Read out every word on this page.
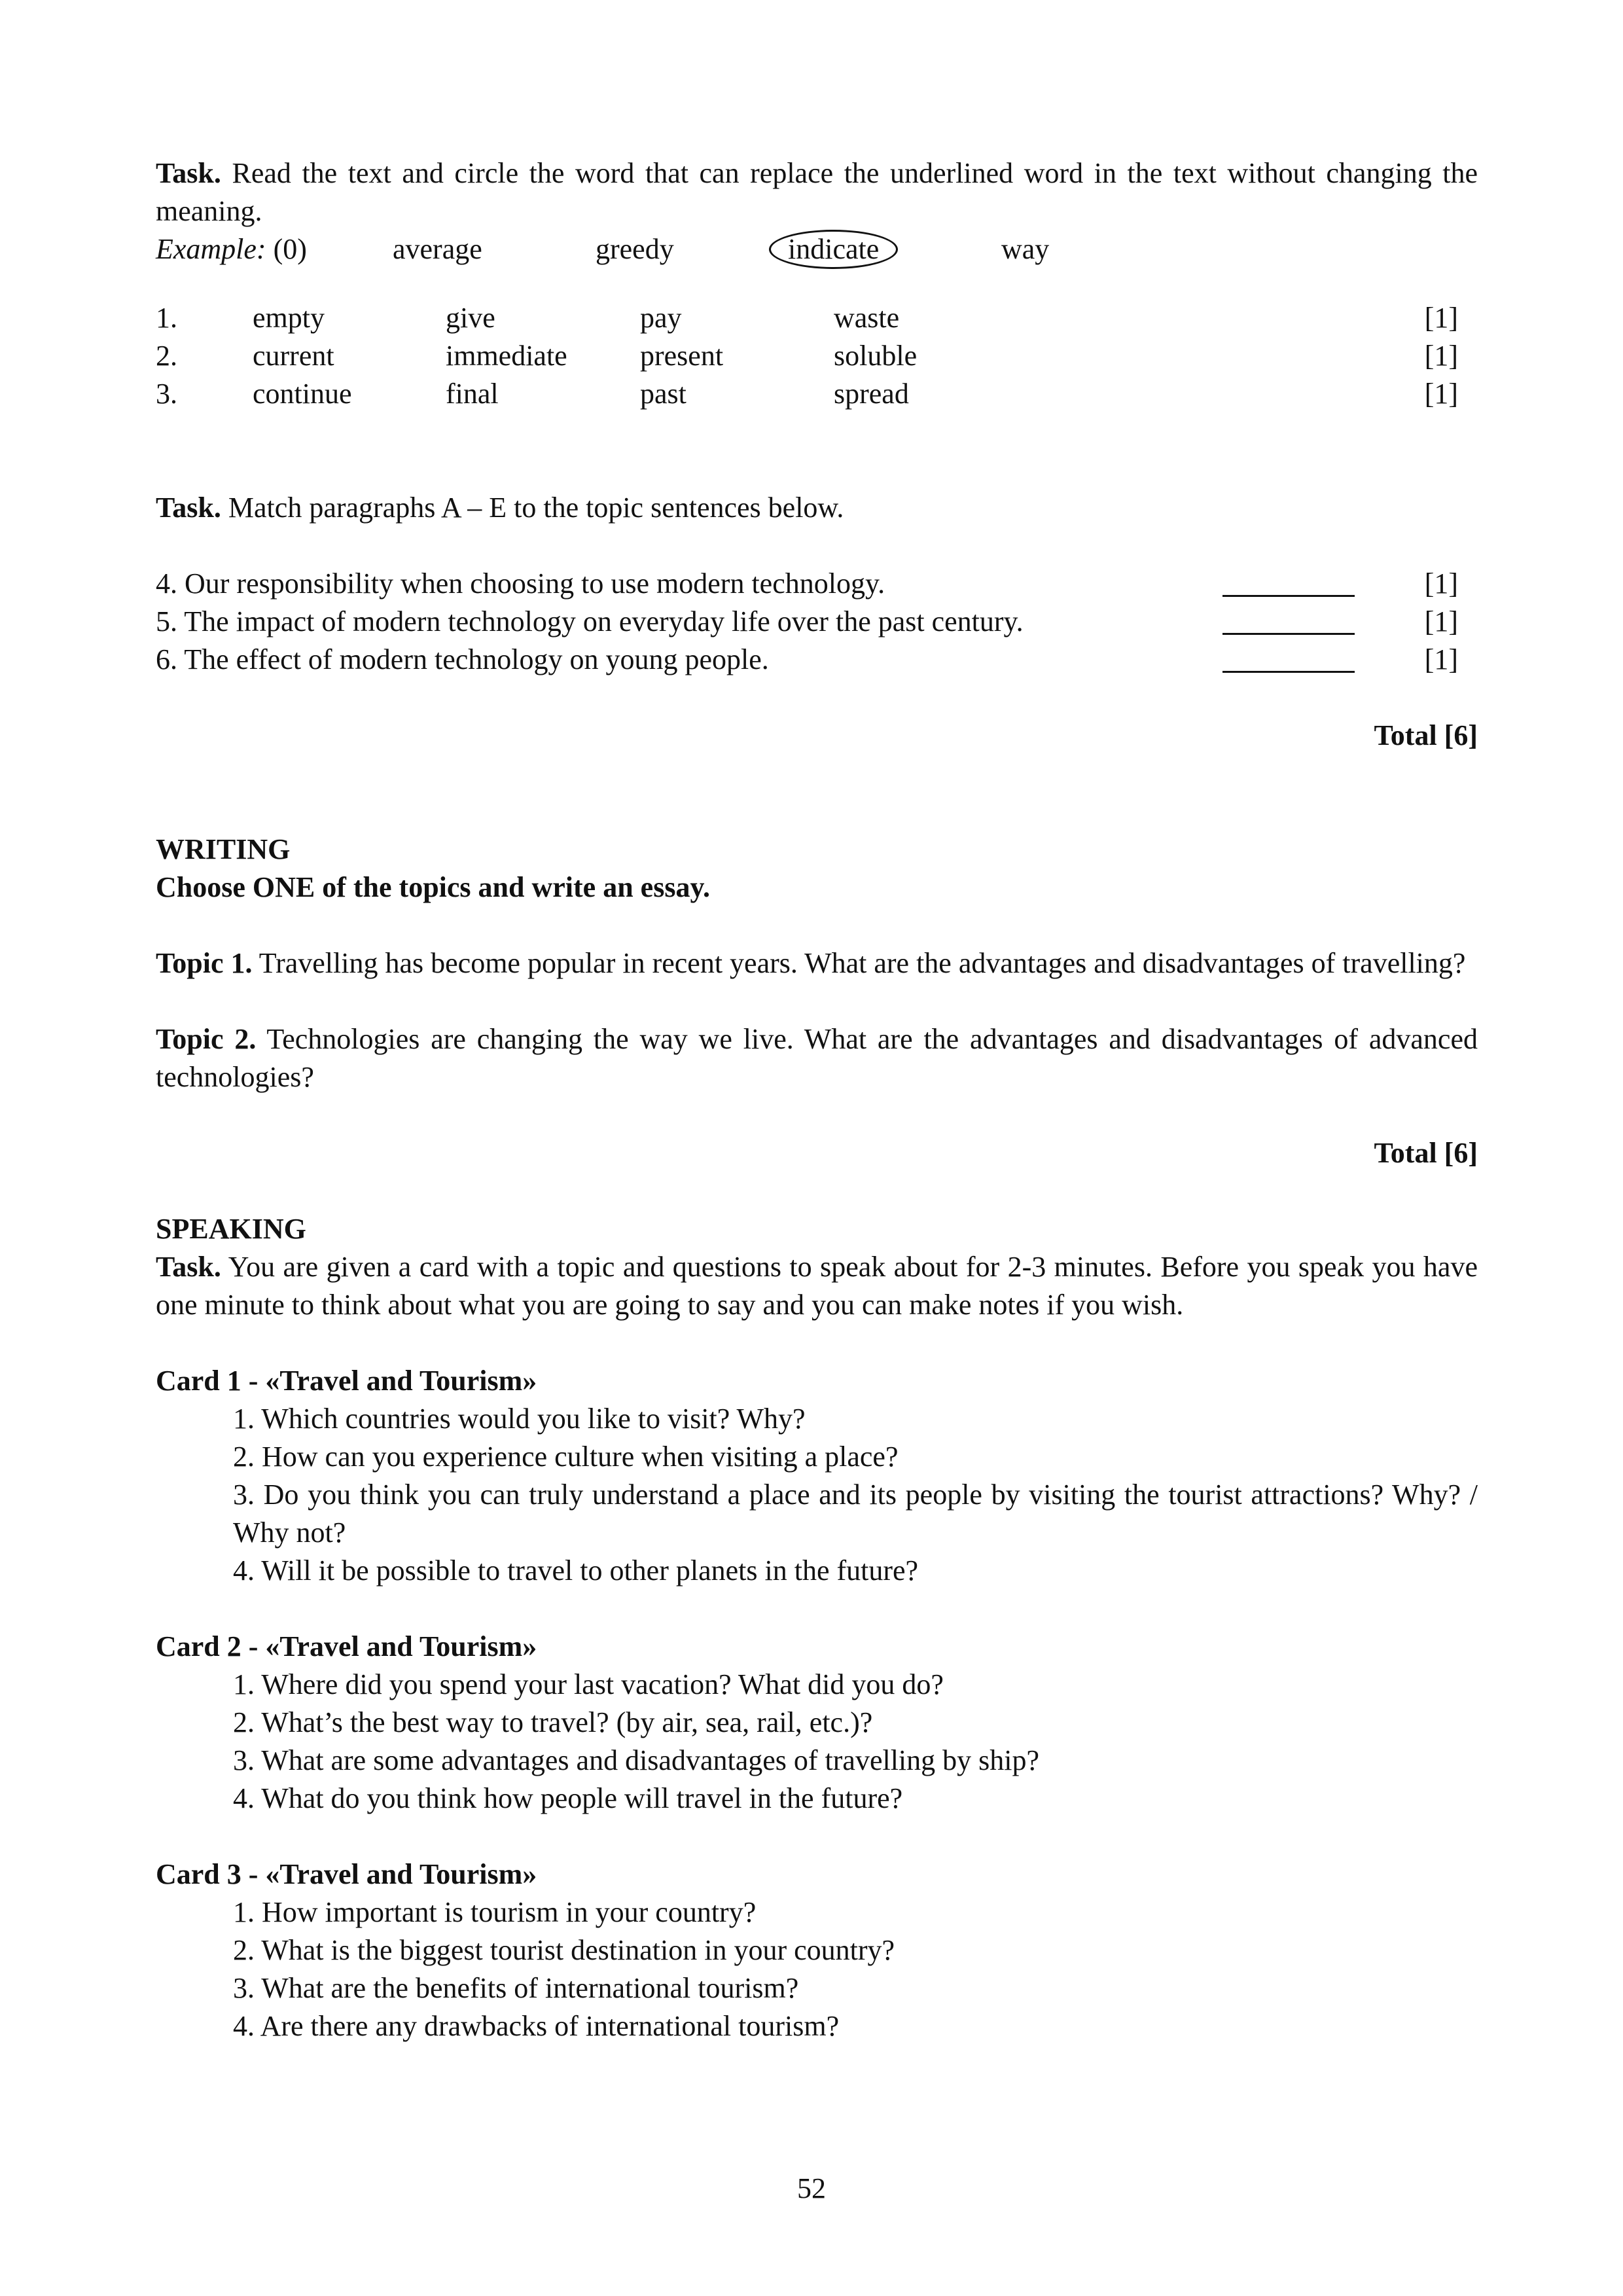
Task. Read the text and circle the word that can replace the underlined word in the text without changing the meaning.

Example: (0)	average	greedy	indicate	way
1.	empty	give	pay	waste	[1]
2.	current	immediate	present	soluble	[1]
3.	continue	final	past	spread	[1]

Task. Match paragraphs A – E to the topic sentences below.

4. Our responsibility when choosing to use modern technology.	[1]
5. The impact of modern technology on everyday life over the past century.	[1]
6. The effect of modern technology on young people.	[1]
Total [6]
WRITING
Choose ONE of the topics and write an essay.

Topic 1. Travelling has become popular in recent years. What are the advantages and disadvantages of travelling?

Topic 2. Technologies are changing the way we live. What are the advantages and disadvantages of advanced technologies?

Total [6]
SPEAKING

Task. You are given a card with a topic and questions to speak about for 2-3 minutes. Before you speak you have one minute to think about what you are going to say and you can make notes if you wish.

Card 1 - «Travel and Tourism»

1. Which countries would you like to visit? Why?

2. How can you experience culture when visiting a place?

3. Do you think you can truly understand a place and its people by visiting the tourist attractions? Why? / Why not?

4. Will it be possible to travel to other planets in the future?

Card 2 - «Travel and Tourism»

1. Where did you spend your last vacation? What did you do?

2. What’s the best way to travel? (by air, sea, rail, etc.)?

3. What are some advantages and disadvantages of travelling by ship?

4. What do you think how people will travel in the future?

Card 3 - «Travel and Tourism»

1. How important is tourism in your country?

2. What is the biggest tourist destination in your country?

3. What are the benefits of international tourism?

4. Are there any drawbacks of international tourism?

52
